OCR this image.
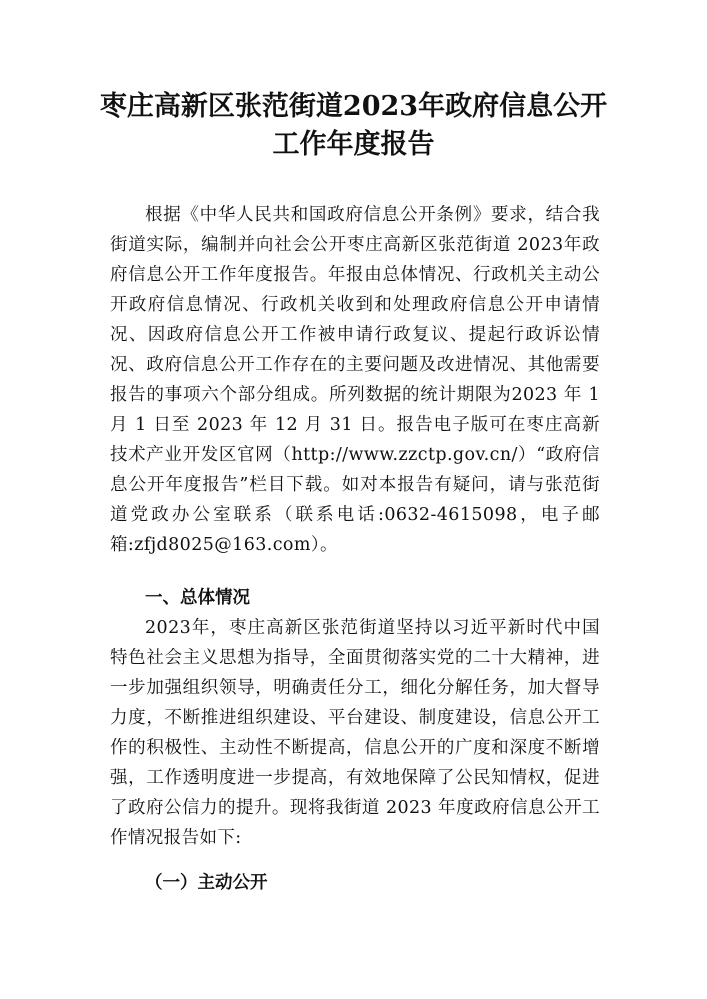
枣庄高新区张范街道2023年政府信息公开
工作年度报告
根据《中华人民共和国政府信息公开条例》要求，结合我街道实际，编制并向社会公开枣庄高新区张范街道 2023年政府信息公开工作年度报告。年报由总体情况、行政机关主动公开政府信息情况、行政机关收到和处理政府信息公开申请情况、因政府信息公开工作被申请行政复议、提起行政诉讼情况、政府信息公开工作存在的主要问题及改进情况、其他需要报告的事项六个部分组成。所列数据的统计期限为2023 年 1 月 1 日至 2023 年 12 月 31 日。报告电子版可在枣庄高新技术产业开发区官网（http://www.zzctp.gov.cn/）“政府信息公开年度报告”栏目下载。如对本报告有疑问，请与张范街道党政办公室联系（联系电话:0632-4615098，电子邮箱:zfjd8025@163.com）。
一、总体情况
2023年，枣庄高新区张范街道坚持以习近平新时代中国特色社会主义思想为指导，全面贯彻落实党的二十大精神，进一步加强组织领导，明确责任分工，细化分解任务，加大督导力度，不断推进组织建设、平台建设、制度建设，信息公开工作的积极性、主动性不断提高，信息公开的广度和深度不断增强，工作透明度进一步提高，有效地保障了公民知情权，促进了政府公信力的提升。现将我街道 2023 年度政府信息公开工作情况报告如下:
（一）主动公开
